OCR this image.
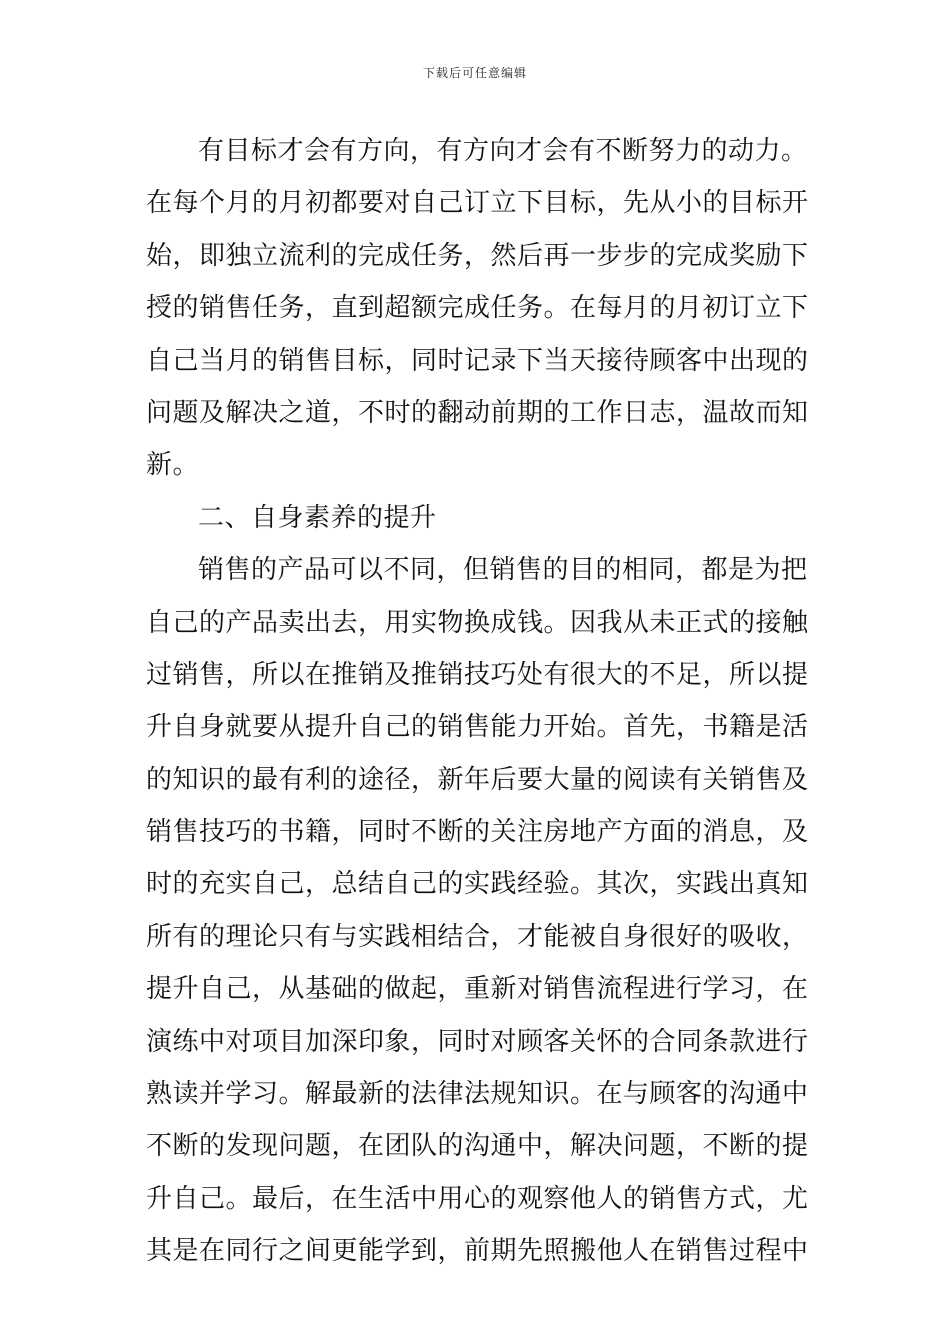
下载后可任意编辑
有目标才会有方向，有方向才会有不断努力的动力。
在每个月的月初都要对自己订立下目标，先从小的目标开
始，即独立流利的完成任务，然后再一步步的完成奖励下
授的销售任务，直到超额完成任务。在每月的月初订立下
自己当月的销售目标，同时记录下当天接待顾客中出现的
问题及解决之道，不时的翻动前期的工作日志，温故而知
新。
二、自身素养的提升
销售的产品可以不同，但销售的目的相同，都是为把
自己的产品卖出去，用实物换成钱。因我从未正式的接触
过销售，所以在推销及推销技巧处有很大的不足，所以提
升自身就要从提升自己的销售能力开始。首先，书籍是活
的知识的最有利的途径，新年后要大量的阅读有关销售及
销售技巧的书籍，同时不断的关注房地产方面的消息，及
时的充实自己，总结自己的实践经验。其次，实践出真知
所有的理论只有与实践相结合，才能被自身很好的吸收，
提升自己，从基础的做起，重新对销售流程进行学习，在
演练中对项目加深印象，同时对顾客关怀的合同条款进行
熟读并学习。解最新的法律法规知识。在与顾客的沟通中
不断的发现问题，在团队的沟通中，解决问题，不断的提
升自己。最后，在生活中用心的观察他人的销售方式，尤
其是在同行之间更能学到，前期先照搬他人在销售过程中
